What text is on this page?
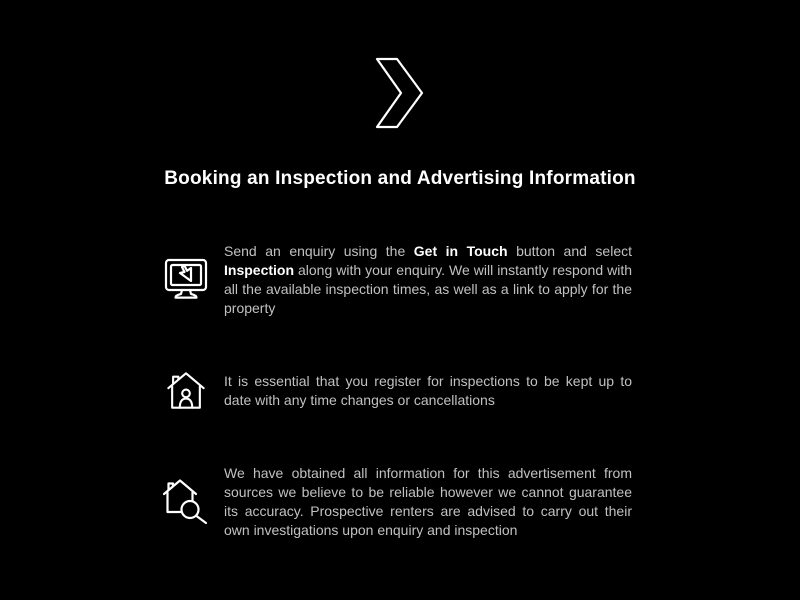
Booking an Inspection and Advertising Information

Send an enquiry using the Get in Touch button and select Inspection along with your enquiry. We will instantly respond with all the available inspection times, as well as a link to apply for the property

It is essential that you register for inspections to be kept up to date with any time changes or cancellations

We have obtained all information for this advertisement from sources we believe to be reliable however we cannot guarantee its accuracy. Prospective renters are advised to carry out their own investigations upon enquiry and inspection
